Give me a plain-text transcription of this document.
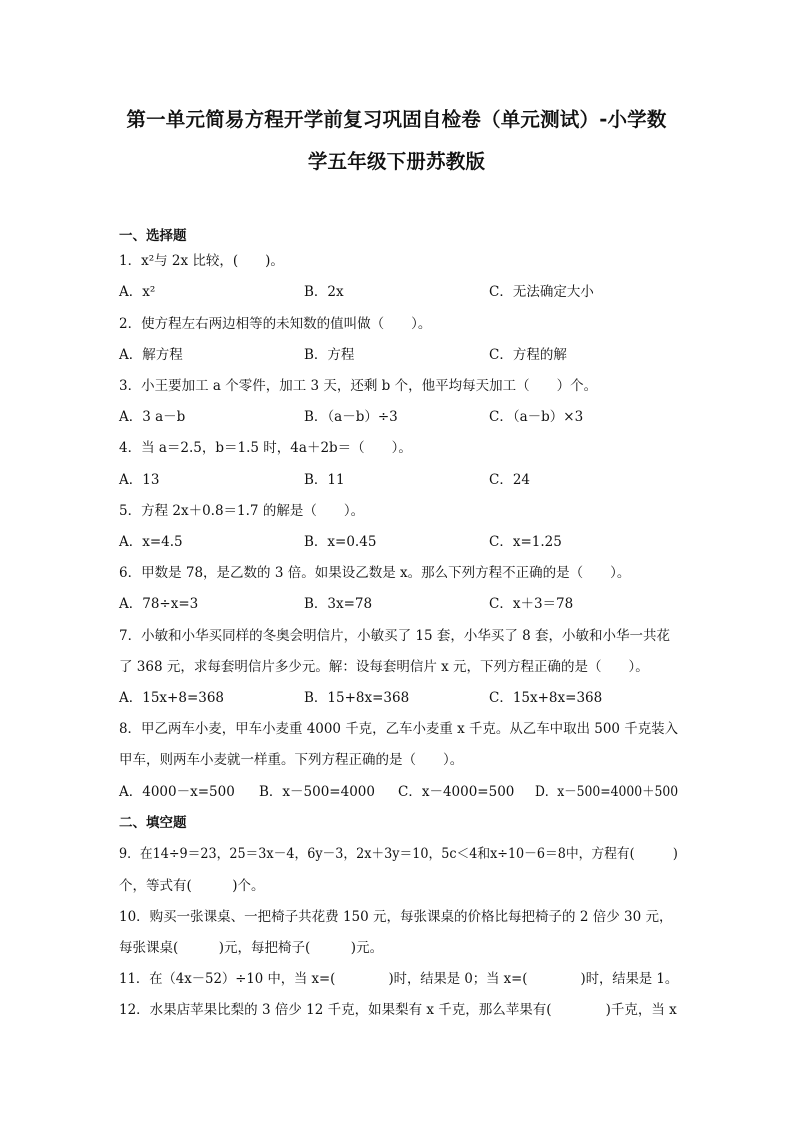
第一单元简易方程开学前复习巩固自检卷（单元测试）-小学数
学五年级下册苏教版
一、选择题
1．x²与 2x 比较，(　　)。
A．x²	B．2x	C．无法确定大小
2．使方程左右两边相等的未知数的值叫做（　　）。
A．解方程	B．方程	C．方程的解
3．小王要加工 a 个零件，加工 3 天，还剩 b 个，他平均每天加工（　　）个。
A．3 a－b	B．（a－b）÷3	C．（a－b）×3
4．当 a＝2.5，b＝1.5 时，4a＋2b＝（　　）。
A．13	B．11	C．24
5．方程 2x＋0.8＝1.7 的解是（　　）。
A．x=4.5	B．x=0.45	C．x=1.25
6．甲数是 78，是乙数的 3 倍。如果设乙数是 x。那么下列方程不正确的是（　　）。
A．78÷x=3	B．3x=78	C．x＋3＝78
7．小敏和小华买同样的冬奥会明信片，小敏买了 15 套，小华买了 8 套，小敏和小华一共花
了 368 元，求每套明信片多少元。解：设每套明信片 x 元，下列方程正确的是（　　）。
A．15x+8=368	B．15+8x=368	C．15x+8x=368
8．甲乙两车小麦，甲车小麦重 4000 千克，乙车小麦重 x 千克。从乙车中取出 500 千克装入
甲车，则两车小麦就一样重。下列方程正确的是（　　）。
A．4000－x=500 B．x－500=4000 C．x－4000=500 D．x－500=4000＋500
二、填空题
9．在14÷9＝23，25＝3x－4，6y－3，2x＋3y＝10，5c＜4和x÷10－6＝8中，方程有(　　　)
个，等式有(　　　)个。
10．购买一张课桌、一把椅子共花费 150 元，每张课桌的价格比每把椅子的 2 倍少 30 元，
每张课桌(　　　)元，每把椅子(　　　)元。
11．在（4x－52）÷10 中，当 x=(　　　　)时，结果是 0；当 x=(　　　　)时，结果是 1。
12．水果店苹果比梨的 3 倍少 12 千克，如果梨有 x 千克，那么苹果有(　　　　)千克，当 x
